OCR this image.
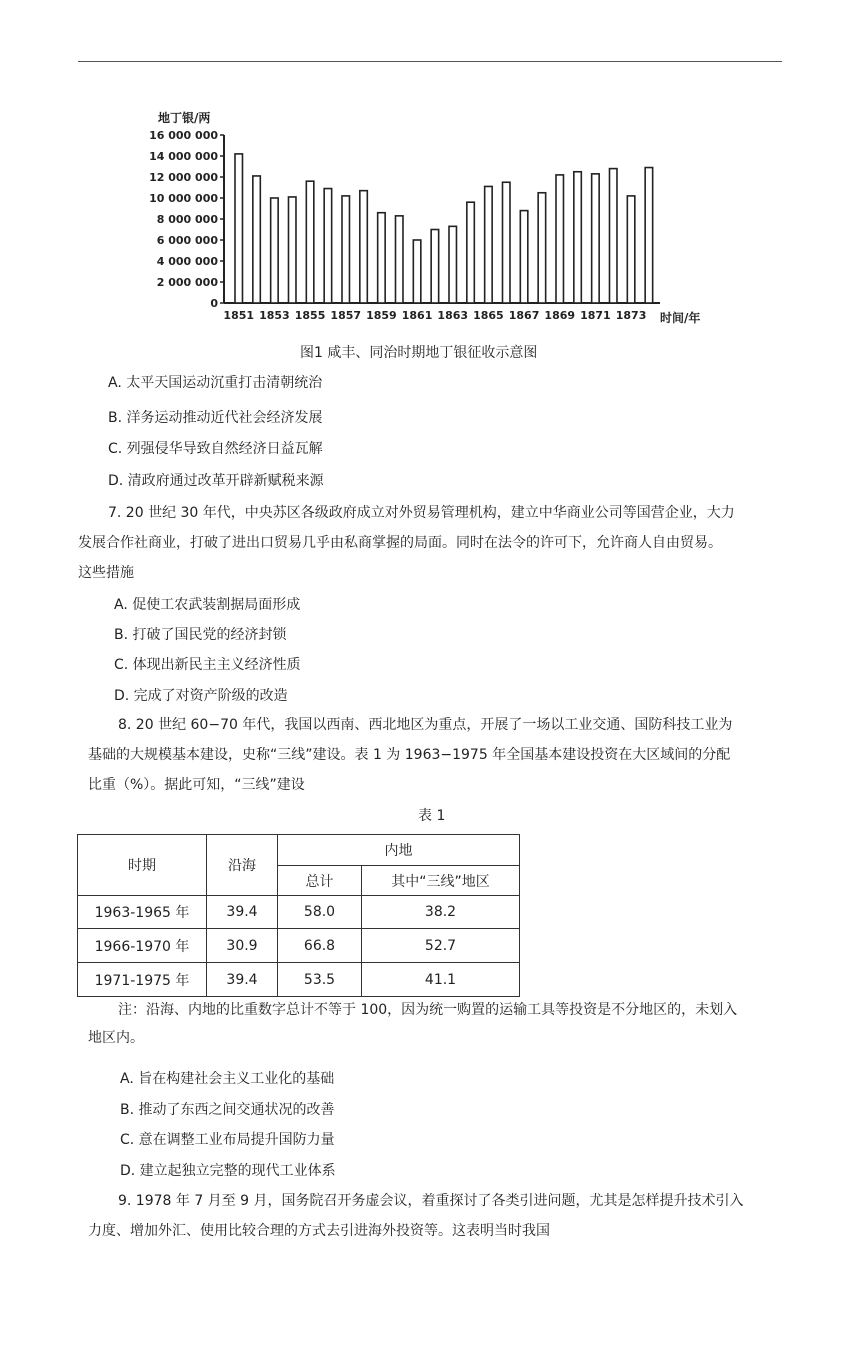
地丁银/两
时间/年
16 000 000
14 000 000
12 000 000
10 000 000
8 000 000
6 000 000
4 000 000
2 000 000
0
1851 1853 1855 1857 1859 1861 1863 1865 1867 1869 1871 1873
图1 咸丰、同治时期地丁银征收示意图
A. 太平天国运动沉重打击清朝统治
B. 洋务运动推动近代社会经济发展
C. 列强侵华导致自然经济日益瓦解
D. 清政府通过改革开辟新赋税来源
7. 20 世纪 30 年代，中央苏区各级政府成立对外贸易管理机构，建立中华商业公司等国营企业，大力
发展合作社商业，打破了进出口贸易几乎由私商掌握的局面。同时在法令的许可下，允许商人自由贸易。
这些措施
A. 促使工农武装割据局面形成
B. 打破了国民党的经济封锁
C. 体现出新民主主义经济性质
D. 完成了对资产阶级的改造
8. 20 世纪 60−70 年代，我国以西南、西北地区为重点，开展了一场以工业交通、国防科技工业为
基础的大规模基本建设，史称“三线”建设。表 1 为 1963−1975 年全国基本建设投资在大区域间的分配
比重（%）。据此可知，“三线”建设
表 1
时期	沿海	内地	
		总计	其中“三线”地区
1963-1965 年	39.4	58.0	38.2
1966-1970 年	30.9	66.8	52.7
1971-1975 年	39.4	53.5	41.1
注：沿海、内地的比重数字总计不等于 100，因为统一购置的运输工具等投资是不分地区的，未划入
地区内。
A. 旨在构建社会主义工业化的基础
B. 推动了东西之间交通状况的改善
C. 意在调整工业布局提升国防力量
D. 建立起独立完整的现代工业体系
9. 1978 年 7 月至 9 月，国务院召开务虚会议，着重探讨了各类引进问题，尤其是怎样提升技术引入
力度、增加外汇、使用比较合理的方式去引进海外投资等。这表明当时我国
